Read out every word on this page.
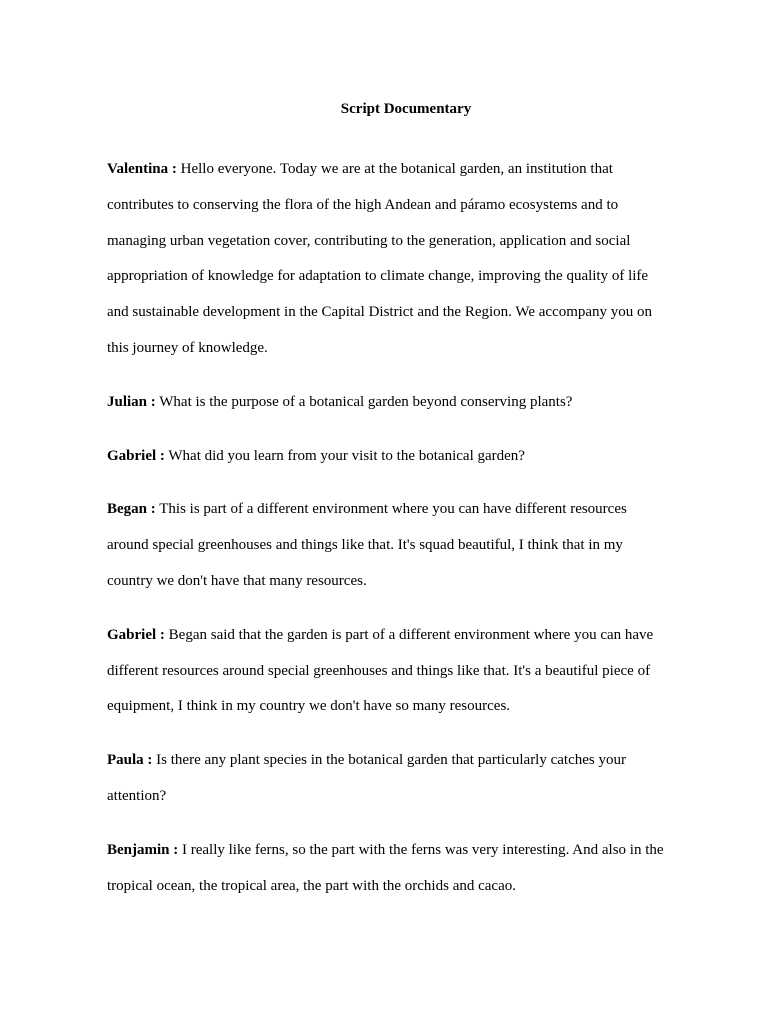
Script Documentary

Valentina : Hello everyone. Today we are at the botanical garden, an institution that contributes to conserving the flora of the high Andean and páramo ecosystems and to managing urban vegetation cover, contributing to the generation, application and social appropriation of knowledge for adaptation to climate change, improving the quality of life and sustainable development in the Capital District and the Region. We accompany you on this journey of knowledge.

Julian : What is the purpose of a botanical garden beyond conserving plants?

Gabriel : What did you learn from your visit to the botanical garden?

Began : This is part of a different environment where you can have different resources around special greenhouses and things like that. It's squad beautiful, I think that in my country we don't have that many resources.

Gabriel : Began said that the garden is part of a different environment where you can have different resources around special greenhouses and things like that. It's a beautiful piece of equipment, I think in my country we don't have so many resources.

Paula : Is there any plant species in the botanical garden that particularly catches your attention?

Benjamin : I really like ferns, so the part with the ferns was very interesting. And also in the tropical ocean, the tropical area, the part with the orchids and cacao.
